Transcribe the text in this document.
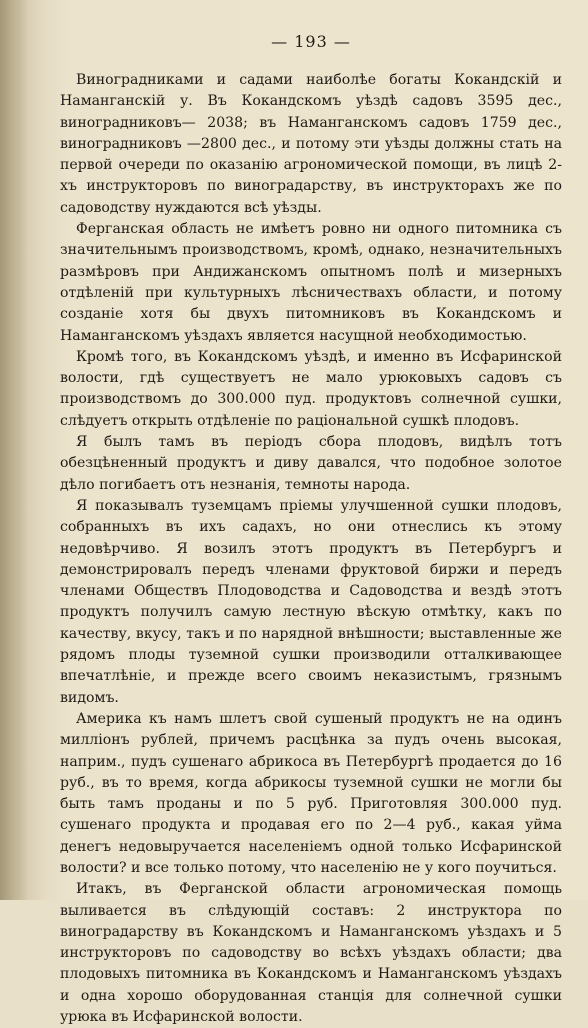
— 193 —

Виноградниками и садами наиболѣе богаты Кокандскій и Наманганскій у. Въ Кокандскомъ уѣздѣ садовъ 3595 дес., виноградниковъ— 2038; въ Наманганскомъ садовъ 1759 дес., виноградниковъ —2800 дес., и потому эти уѣзды должны стать на первой очереди по оказанію агрономической помощи, въ лицѣ 2-хъ инструкторовъ по виноградарству, въ инструкторахъ же по садоводству нуждаются всѣ уѣзды.

Ферганская область не имѣетъ ровно ни одного питомника съ значительнымъ производствомъ, кромѣ, однако, незначительныхъ размѣровъ при Андижанскомъ опытномъ полѣ и мизерныхъ отдѣленій при культурныхъ лѣсничествахъ области, и потому созданіе хотя бы двухъ питомниковъ въ Кокандскомъ и Наманганскомъ уѣздахъ является насущной необходимостью.

Кромѣ того, въ Кокандскомъ уѣздѣ, и именно въ Исфаринской волости, гдѣ существуетъ не мало урюковыхъ садовъ съ производствомъ до 300.000 пуд. продуктовъ солнечной сушки, слѣдуетъ открыть отдѣленіе по раціональной сушкѣ плодовъ.

Я былъ тамъ въ періодъ сбора плодовъ, видѣлъ тотъ обезцѣненный продуктъ и диву давался, что подобное золотое дѣло погибаетъ отъ незнанія, темноты народа.

Я показывалъ туземцамъ пріемы улучшенной сушки плодовъ, собранныхъ въ ихъ садахъ, но они отнеслись къ этому недовѣрчиво. Я возилъ этотъ продуктъ въ Петербургъ и демонстрировалъ передъ членами фруктовой биржи и передъ членами Обществъ Плодоводства и Садоводства и вездѣ этотъ продуктъ получилъ самую лестную вѣскую отмѣтку, какъ по качеству, вкусу, такъ и по нарядной внѣшности; выставленные же рядомъ плоды туземной сушки производили отталкивающее впечатлѣніе, и прежде всего своимъ неказистымъ, грязнымъ видомъ.

Америка къ намъ шлетъ свой сушеный продуктъ не на одинъ милліонъ рублей, причемъ расцѣнка за пудъ очень высокая, наприм., пудъ сушенаго абрикоса въ Петербургѣ продается до 16 руб., въ то время, когда абрикосы туземной сушки не могли бы быть тамъ проданы и по 5 руб. Приготовляя 300.000 пуд. сушенаго продукта и продавая его по 2—4 руб., какая уйма денегъ недовыручается населеніемъ одной только Исфаринской волости? и все только потому, что населенію не у кого поучиться.

Итакъ, въ Ферганской области агрономическая помощь выливается въ слѣдующій составъ: 2 инструктора по виноградарству въ Кокандскомъ и Наманганскомъ уѣздахъ и 5 инструкторовъ по садоводству во всѣхъ уѣздахъ области; два плодовыхъ питомника въ Кокандскомъ и Наманганскомъ уѣздахъ и одна хорошо оборудованная станція для солнечной сушки урюка въ Исфаринской волости.
